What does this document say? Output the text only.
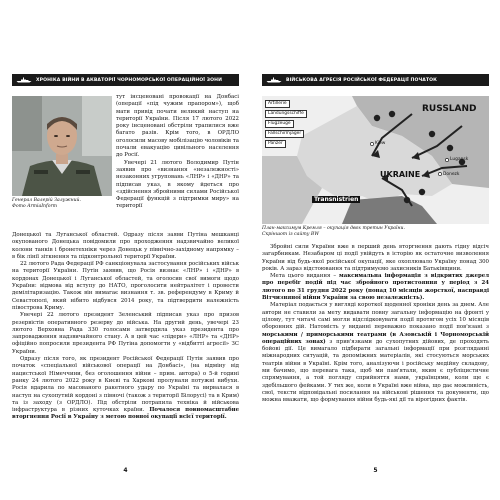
ХРОНІКА ВІЙНИ В АКВАТОРІЇ ЧОРНОМОРСЬКОЇ ОПЕРАЦІЙНОЇ ЗОНИ
Генерал Валерій Залужний.
Фото ArmiaInform

тут інсценовані провокації на Донбасі (операції «під чужим прапором»), щоб мати привід почати великий наступ на території України. Після 17 лютого 2022 року інсценовані обстріли трапилися вже багато разів. Крім того, в ОРДЛО оголосили масову мобілізацію чоловіків та почали евакуацію цивільного населення до Росії.

Увечері 21 лютого Володимир Путін заявив про «визнання «незалежності» незаконних угруповань «ЛНР» і «ДНР» та підписав указ, в якому йдеться про «здійснення збройними силами Російської Федерації функцій з підтримки миру» на території

Донецької та Луганської областей. Одразу після заяви Путіна мешканці окупованого Донецька повідомили про проходження надзвичайно великої колони танків і бронетехніки через Донецьк у північно-західному напрямку – в бік лінії зіткнення та підконтрольної території України.

22 лютого Рада Федерації РФ санкціонувала застосування російських військ на території України. Путін заявив, що Росія визнає «ЛНР» і «ДНР» в кордонах Донецької і Луганської областей, та оголосив свої вимоги щодо України: відмова від вступу до НАТО, проголосити нейтралітет і провести демілітаризацію. Також він вимагає визнання т. зв. референдуму в Криму й Севастополі, який нібито відбувся 2014 року, та підтвердити належність півострова Криму.

Увечері 22 лютого президент Зеленський підписав указ про призов резервістів оперативного резерву до війська. На другий день, увечері 23 лютого Верховна Рада 330 голосами затвердила указ президента про запровадження надзвичайного стану. А в цей час «лідери» «ЛНР» та «ДНР» офіційно попросили президента РФ Путіна допомогти у «відбитті агресії» ЗС України.

Одразу після того, як президент Російської Федерації Путін заявив про початок «спеціальної військової операції на Донбасі», (на відміну від нацистської Німеччини, без оголошення війни – прим. автора) о 5-й годині ранку 24 лютого 2022 року в Києві та Харкові пролунали потужні вибухи. Росія вдарила по масованого ракетного удару по Україні та вирвалася в наступ на сухопутній кордоні з півночі (також з території Білорусі) та в Крим) та із заходу (з ОРДЛО). Під обстріли потрапила техніка й військова інфраструктура в різних куточках країни. Почалося повномасштабне вторгнення Росії в Україну з метою повної окупації всієї території.

4
ВІЙСЬКОВА АГРЕСІЯ РОСІЙСЬКОЇ ФЕДЕРАЦІЇ ПОЧАТОК
RUSSLAND
UKRAINE
Transnistrien
Kiew
Lugansk
Donezk
Artillerie
Landungsschiffe
Flugzeuge
Fallschirmjäger
Panzer
План-максимум Кремля – окупація двох третин України.
Скріншот із сайту BW

Збройні сили України вже в перший день вторгнення дають гідну відсіч загарбникам. Незабаром ці події увійдуть в історію як остаточне визволення України від будь-якої російської окупації, яке охоплювало Україну понад 300 років. А зараз відстоювання та підтримуємо захисників Батьківщини.

Мета цього видання – максимальна інформація з відкритих джерел про перебіг подій під час збройного протистояння у період з 24 лютого по 31 грудня 2022 року (понад 10 місяців жорсткої, насправді Вітчизняної війни України за свою незалежність).

Матеріал подається у вигляді короткої щоденної хроніки день за днем. Але автори не ставили за мету видавати повну загальну інформацію на фронті у цілому, тут читачі самі могли відслідковувати події протягом усіх 10 місяців оборонних дій. Натомість у виданні переважно показано події пов'язані з морськими / приморськими театрами (в Азовській і Чорноморській операційних зонах) з прив'язками до сухопутних дійових, де проходять бойові дії. Це вимагало підбирати загальні інформації при розгляданні міжнародних ситуацій, та допоміжних матеріалів, які стосуються морських театрів війни в Україні. Крім того, аналізуючи і російську медійну складову, ми бачимо, що перевага така, щоб ми пам'ятали, яким є публіцистичне спрямування, а той погляду сприйняття нами, українцями, коли ще є здебільшого фейками. У тих же, коли в Україні вже війна, що дає можливість, свої, тексти відповідальні посилання на військові рішення та документи, що можна вважати, що формування війни будь-які дії та вірогідних фактів.

5
